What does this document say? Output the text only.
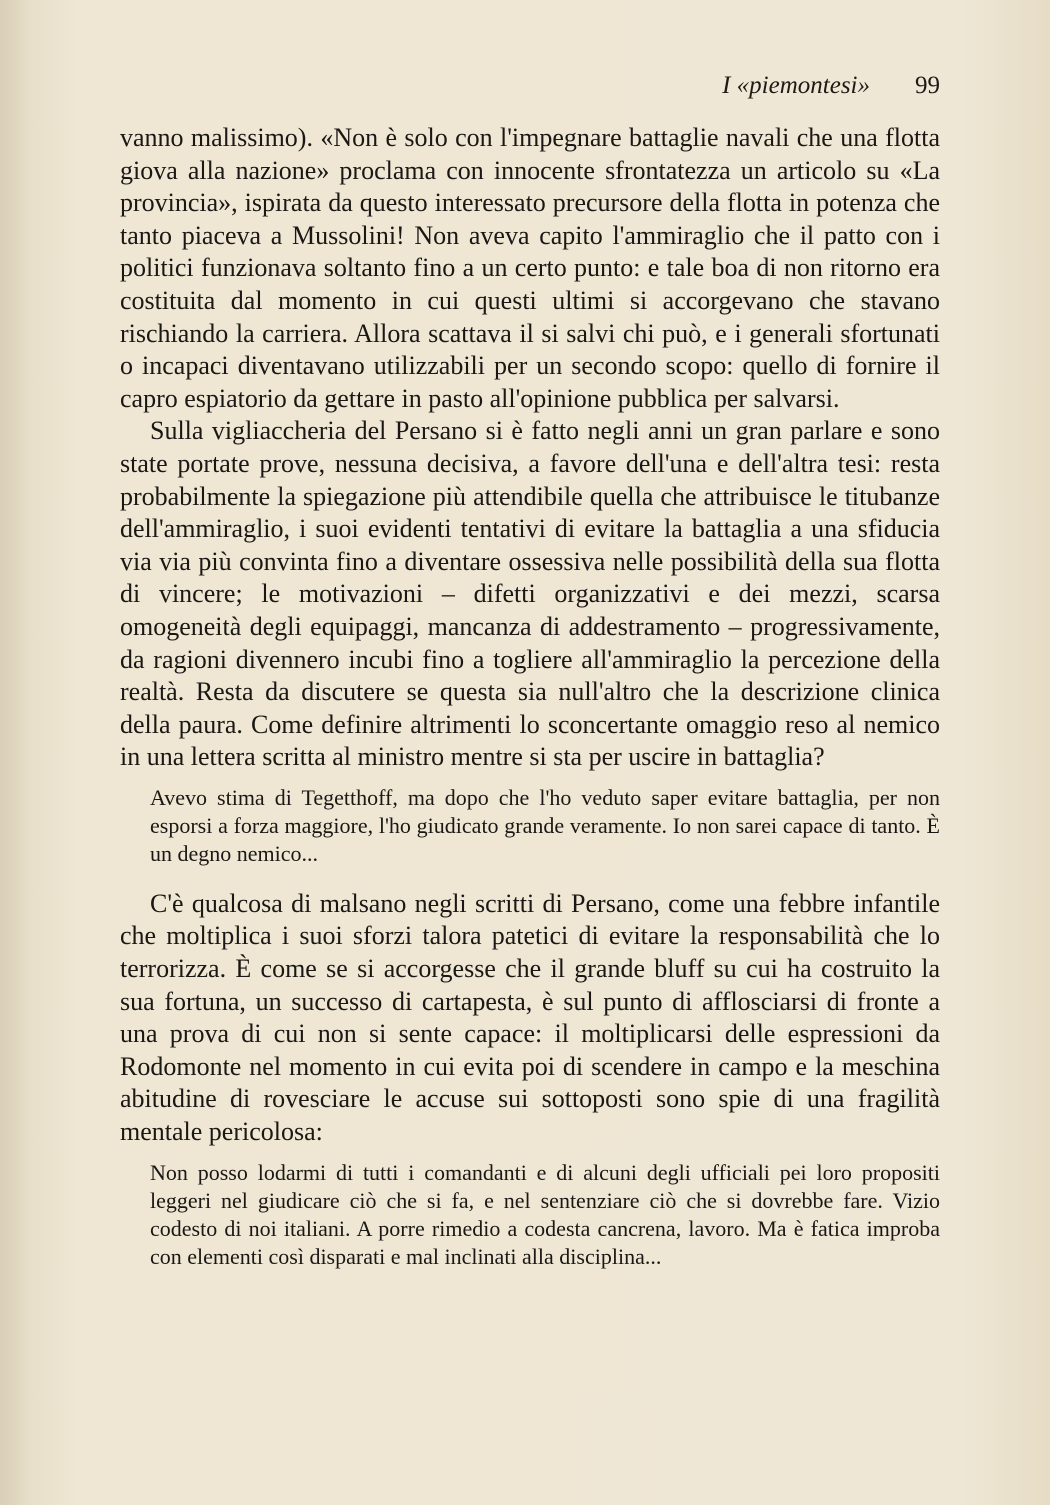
I «piemontesi» 99

vanno malissimo). «Non è solo con l'impegnare battaglie navali che una flotta giova alla nazione» proclama con innocente sfrontatezza un articolo su «La provincia», ispirata da questo interessato precursore della flotta in potenza che tanto piaceva a Mussolini! Non aveva capito l'ammiraglio che il patto con i politici funzionava soltanto fino a un certo punto: e tale boa di non ritorno era costituita dal momento in cui questi ultimi si accorgevano che stavano rischiando la carriera. Allora scattava il si salvi chi può, e i generali sfortunati o incapaci diventavano utilizzabili per un secondo scopo: quello di fornire il capro espiatorio da gettare in pasto all'opinione pubblica per salvarsi.

Sulla vigliaccheria del Persano si è fatto negli anni un gran parlare e sono state portate prove, nessuna decisiva, a favore dell'una e dell'altra tesi: resta probabilmente la spiegazione più attendibile quella che attribuisce le titubanze dell'ammiraglio, i suoi evidenti tentativi di evitare la battaglia a una sfiducia via via più convinta fino a diventare ossessiva nelle possibilità della sua flotta di vincere; le motivazioni – difetti organizzativi e dei mezzi, scarsa omogeneità degli equipaggi, mancanza di addestramento – progressivamente, da ragioni divennero incubi fino a togliere all'ammiraglio la percezione della realtà. Resta da discutere se questa sia null'altro che la descrizione clinica della paura. Come definire altrimenti lo sconcertante omaggio reso al nemico in una lettera scritta al ministro mentre si sta per uscire in battaglia?

Avevo stima di Tegetthoff, ma dopo che l'ho veduto saper evitare battaglia, per non esporsi a forza maggiore, l'ho giudicato grande veramente. Io non sarei capace di tanto. È un degno nemico...

C'è qualcosa di malsano negli scritti di Persano, come una febbre infantile che moltiplica i suoi sforzi talora patetici di evitare la responsabilità che lo terrorizza. È come se si accorgesse che il grande bluff su cui ha costruito la sua fortuna, un successo di cartapesta, è sul punto di afflosciarsi di fronte a una prova di cui non si sente capace: il moltiplicarsi delle espressioni da Rodomonte nel momento in cui evita poi di scendere in campo e la meschina abitudine di rovesciare le accuse sui sottoposti sono spie di una fragilità mentale pericolosa:

Non posso lodarmi di tutti i comandanti e di alcuni degli ufficiali pei loro propositi leggeri nel giudicare ciò che si fa, e nel sentenziare ciò che si dovrebbe fare. Vizio codesto di noi italiani. A porre rimedio a codesta cancrena, lavoro. Ma è fatica improba con elementi così disparati e mal inclinati alla disciplina...
